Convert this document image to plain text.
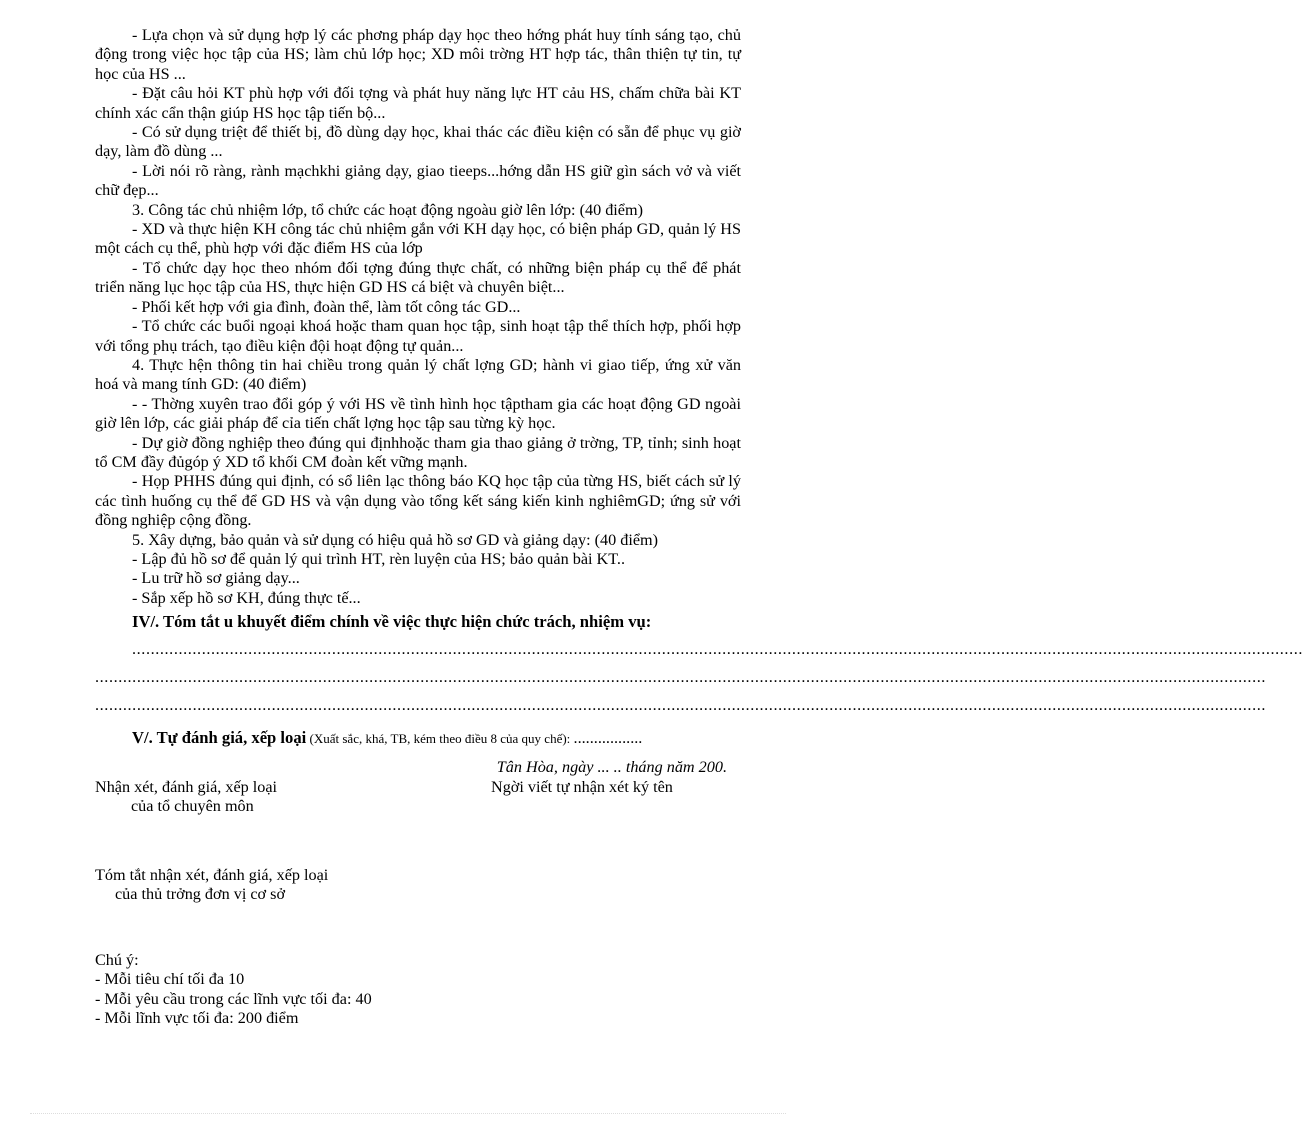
- Lựa chọn và sử dụng hợp lý các phơng pháp dạy học theo hớng phát huy tính sáng tạo, chủ động trong việc học tập của HS; làm chủ lớp học; XD môi trờng HT hợp tác, thân thiện tự tin, tự học của HS ...

- Đặt câu hỏi KT phù hợp với đối tợng và phát huy năng lực HT cảu HS, chấm chữa bài KT chính xác cẩn thận giúp HS học tập tiến bộ...

- Có sử dụng triệt để thiết bị, đồ dùng dạy học, khai thác các điều kiện có sẵn để phục vụ giờ dạy, làm đồ dùng ...

- Lời nói rõ ràng, rành mạchkhi giảng dạy, giao tieeps...hớng dẫn HS giữ gìn sách vở và viết chữ đẹp...

3. Công tác chủ nhiệm lớp, tổ chức các hoạt động ngoàu giờ lên lớp: (40 điểm)

- XD và thực hiện KH công tác chủ nhiệm gắn với KH dạy học, có biện pháp GD, quản lý HS một cách cụ thể, phù hợp với đặc điểm HS của lớp

- Tổ chức dạy học theo nhóm đối tợng đúng thực chất, có những biện pháp cụ thể để phát triển năng lục học tập của HS, thực hiện GD HS cá biệt và chuyên biệt...

- Phối kết hợp với gia đình, đoàn thể, làm tốt công tác GD...

- Tổ chức các buổi ngoại khoá hoặc tham quan học tập, sinh hoạt tập thể thích hợp, phối hợp với tổng phụ trách, tạo điều kiện đội hoạt động tự quản...

4. Thực hện thông tin hai chiều trong quản lý chất lợng GD; hành vi giao tiếp, ứng xử văn hoá và mang tính GD: (40 điểm)

- - Thờng xuyên trao đổi góp ý với HS về tình hình học tậptham gia các hoạt động GD ngoài giờ lên lớp, các giải pháp để cỉa tiến chất lợng học tập sau từng kỳ học.

- Dự giờ đồng nghiệp theo đúng qui địnhhoặc tham gia thao giảng ở trờng, TP, tỉnh; sinh hoạt tổ CM đầy đủgóp ý XD tổ khối CM đoàn kết vững mạnh.

- Họp PHHS đúng qui định, có sổ liên lạc thông báo KQ học tập của từng HS, biết cách sử lý các tình huống cụ thể để GD HS và vận dụng vào tổng kết sáng kiến kinh nghiêmGD; ứng sử với đồng nghiệp cộng đồng.

5. Xây dựng, bảo quản và sử dụng có hiệu quả hồ sơ GD và giảng dạy: (40 điểm)

- Lập đủ hồ sơ để quản lý qui trình HT, rèn luyện của HS; bảo quản bài KT..

- Lu trữ hồ sơ giảng dạy...

- Sắp xếp hồ sơ KH, đúng thực tế...

IV/. Tóm tắt u khuyết điểm chính về việc thực hiện chức trách, nhiệm vụ:

............................................................................................................................................................................................................................................................
............................................................................................................................................................................................................................................................
............................................................................................................................................................................................................................................................

V/. Tự đánh giá, xếp loại (Xuất sắc, khá, TB, kém theo điều 8 của quy chế): .................

Tân Hòa, ngày ... .. tháng năm 200.
Nhận xét, đánh giá, xếp loại
của tổ chuyên môn
Ngời viết tự nhận xét ký tên
Tóm tắt nhận xét, đánh giá, xếp loại
của thủ trởng đơn vị cơ sở
Chú ý:
- Mỗi tiêu chí tối đa 10
- Mỗi yêu cầu trong các lĩnh vực tối đa: 40
- Mỗi lĩnh vực tối đa: 200 điểm
